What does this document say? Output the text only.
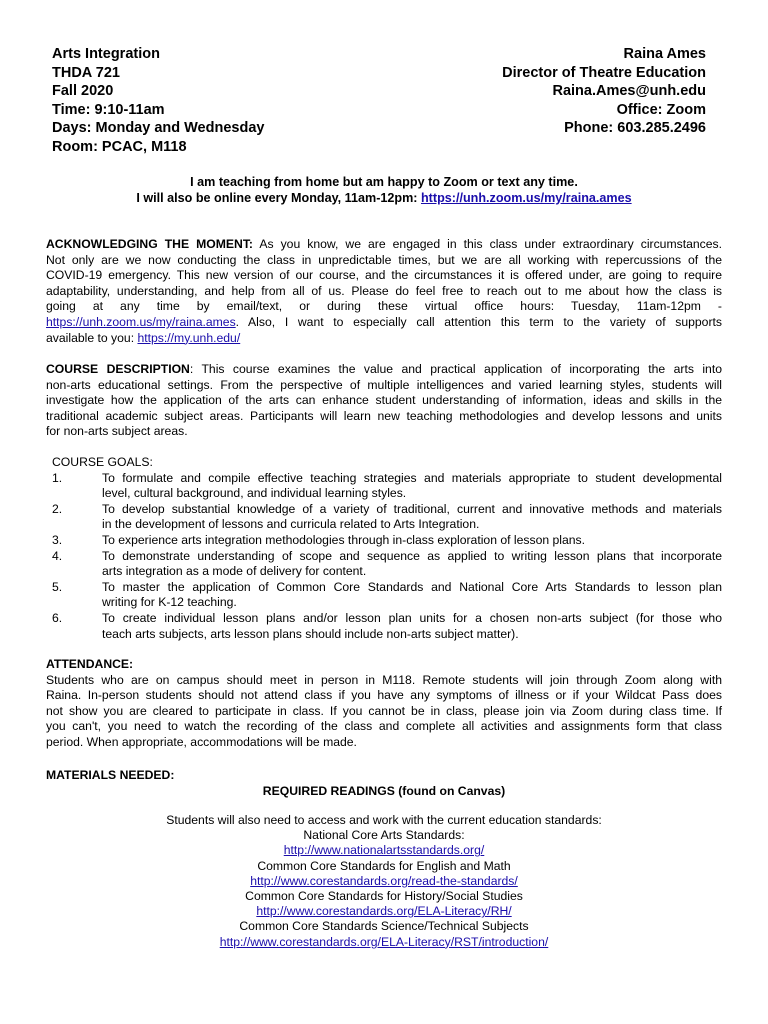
Arts Integration
THDA 721
Fall 2020
Time: 9:10-11am
Days: Monday and Wednesday
Room: PCAC, M118
Raina Ames
Director of Theatre Education
Raina.Ames@unh.edu
Office: Zoom
Phone: 603.285.2496
I am teaching from home but am happy to Zoom or text any time.
I will also be online every Monday, 11am-12pm: https://unh.zoom.us/my/raina.ames
ACKNOWLEDGING THE MOMENT: As you know, we are engaged in this class under extraordinary circumstances.
Not only are we now conducting the class in unpredictable times, but we are all working with repercussions of the
COVID-19 emergency. This new version of our course, and the circumstances it is offered under, are going to require
adaptability, understanding, and help from all of us. Please do feel free to reach out to me about how the class is
going at any time by email/text, or during these virtual office hours: Tuesday, 11am-12pm -
https://unh.zoom.us/my/raina.ames. Also, I want to especially call attention this term to the variety of supports
available to you: https://my.unh.edu/
COURSE DESCRIPTION: This course examines the value and practical application of incorporating the arts into
non-arts educational settings. From the perspective of multiple intelligences and varied learning styles, students will
investigate how the application of the arts can enhance student understanding of information, ideas and skills in the
traditional academic subject areas. Participants will learn new teaching methodologies and develop lessons and units
for non-arts subject areas.
COURSE GOALS:
1.	To formulate and compile effective teaching strategies and materials appropriate to student developmental
level, cultural background, and individual learning styles.
2.	To develop substantial knowledge of a variety of traditional, current and innovative methods and materials
in the development of lessons and curricula related to Arts Integration.
3.	To experience arts integration methodologies through in-class exploration of lesson plans.
4.	To demonstrate understanding of scope and sequence as applied to writing lesson plans that incorporate
arts integration as a mode of delivery for content.
5.	To master the application of Common Core Standards and National Core Arts Standards to lesson plan
writing for K-12 teaching.
6.	To create individual lesson plans and/or lesson plan units for a chosen non-arts subject (for those who
teach arts subjects, arts lesson plans should include non-arts subject matter).
ATTENDANCE:
Students who are on campus should meet in person in M118. Remote students will join through Zoom along with
Raina. In-person students should not attend class if you have any symptoms of illness or if your Wildcat Pass does
not show you are cleared to participate in class. If you cannot be in class, please join via Zoom during class time. If
you can't, you need to watch the recording of the class and complete all activities and assignments form that class
period. When appropriate, accommodations will be made.
MATERIALS NEEDED:
REQUIRED READINGS (found on Canvas)
Students will also need to access and work with the current education standards:
National Core Arts Standards:
http://www.nationalartsstandards.org/
Common Core Standards for English and Math
http://www.corestandards.org/read-the-standards/
Common Core Standards for History/Social Studies
http://www.corestandards.org/ELA-Literacy/RH/
Common Core Standards Science/Technical Subjects
http://www.corestandards.org/ELA-Literacy/RST/introduction/
